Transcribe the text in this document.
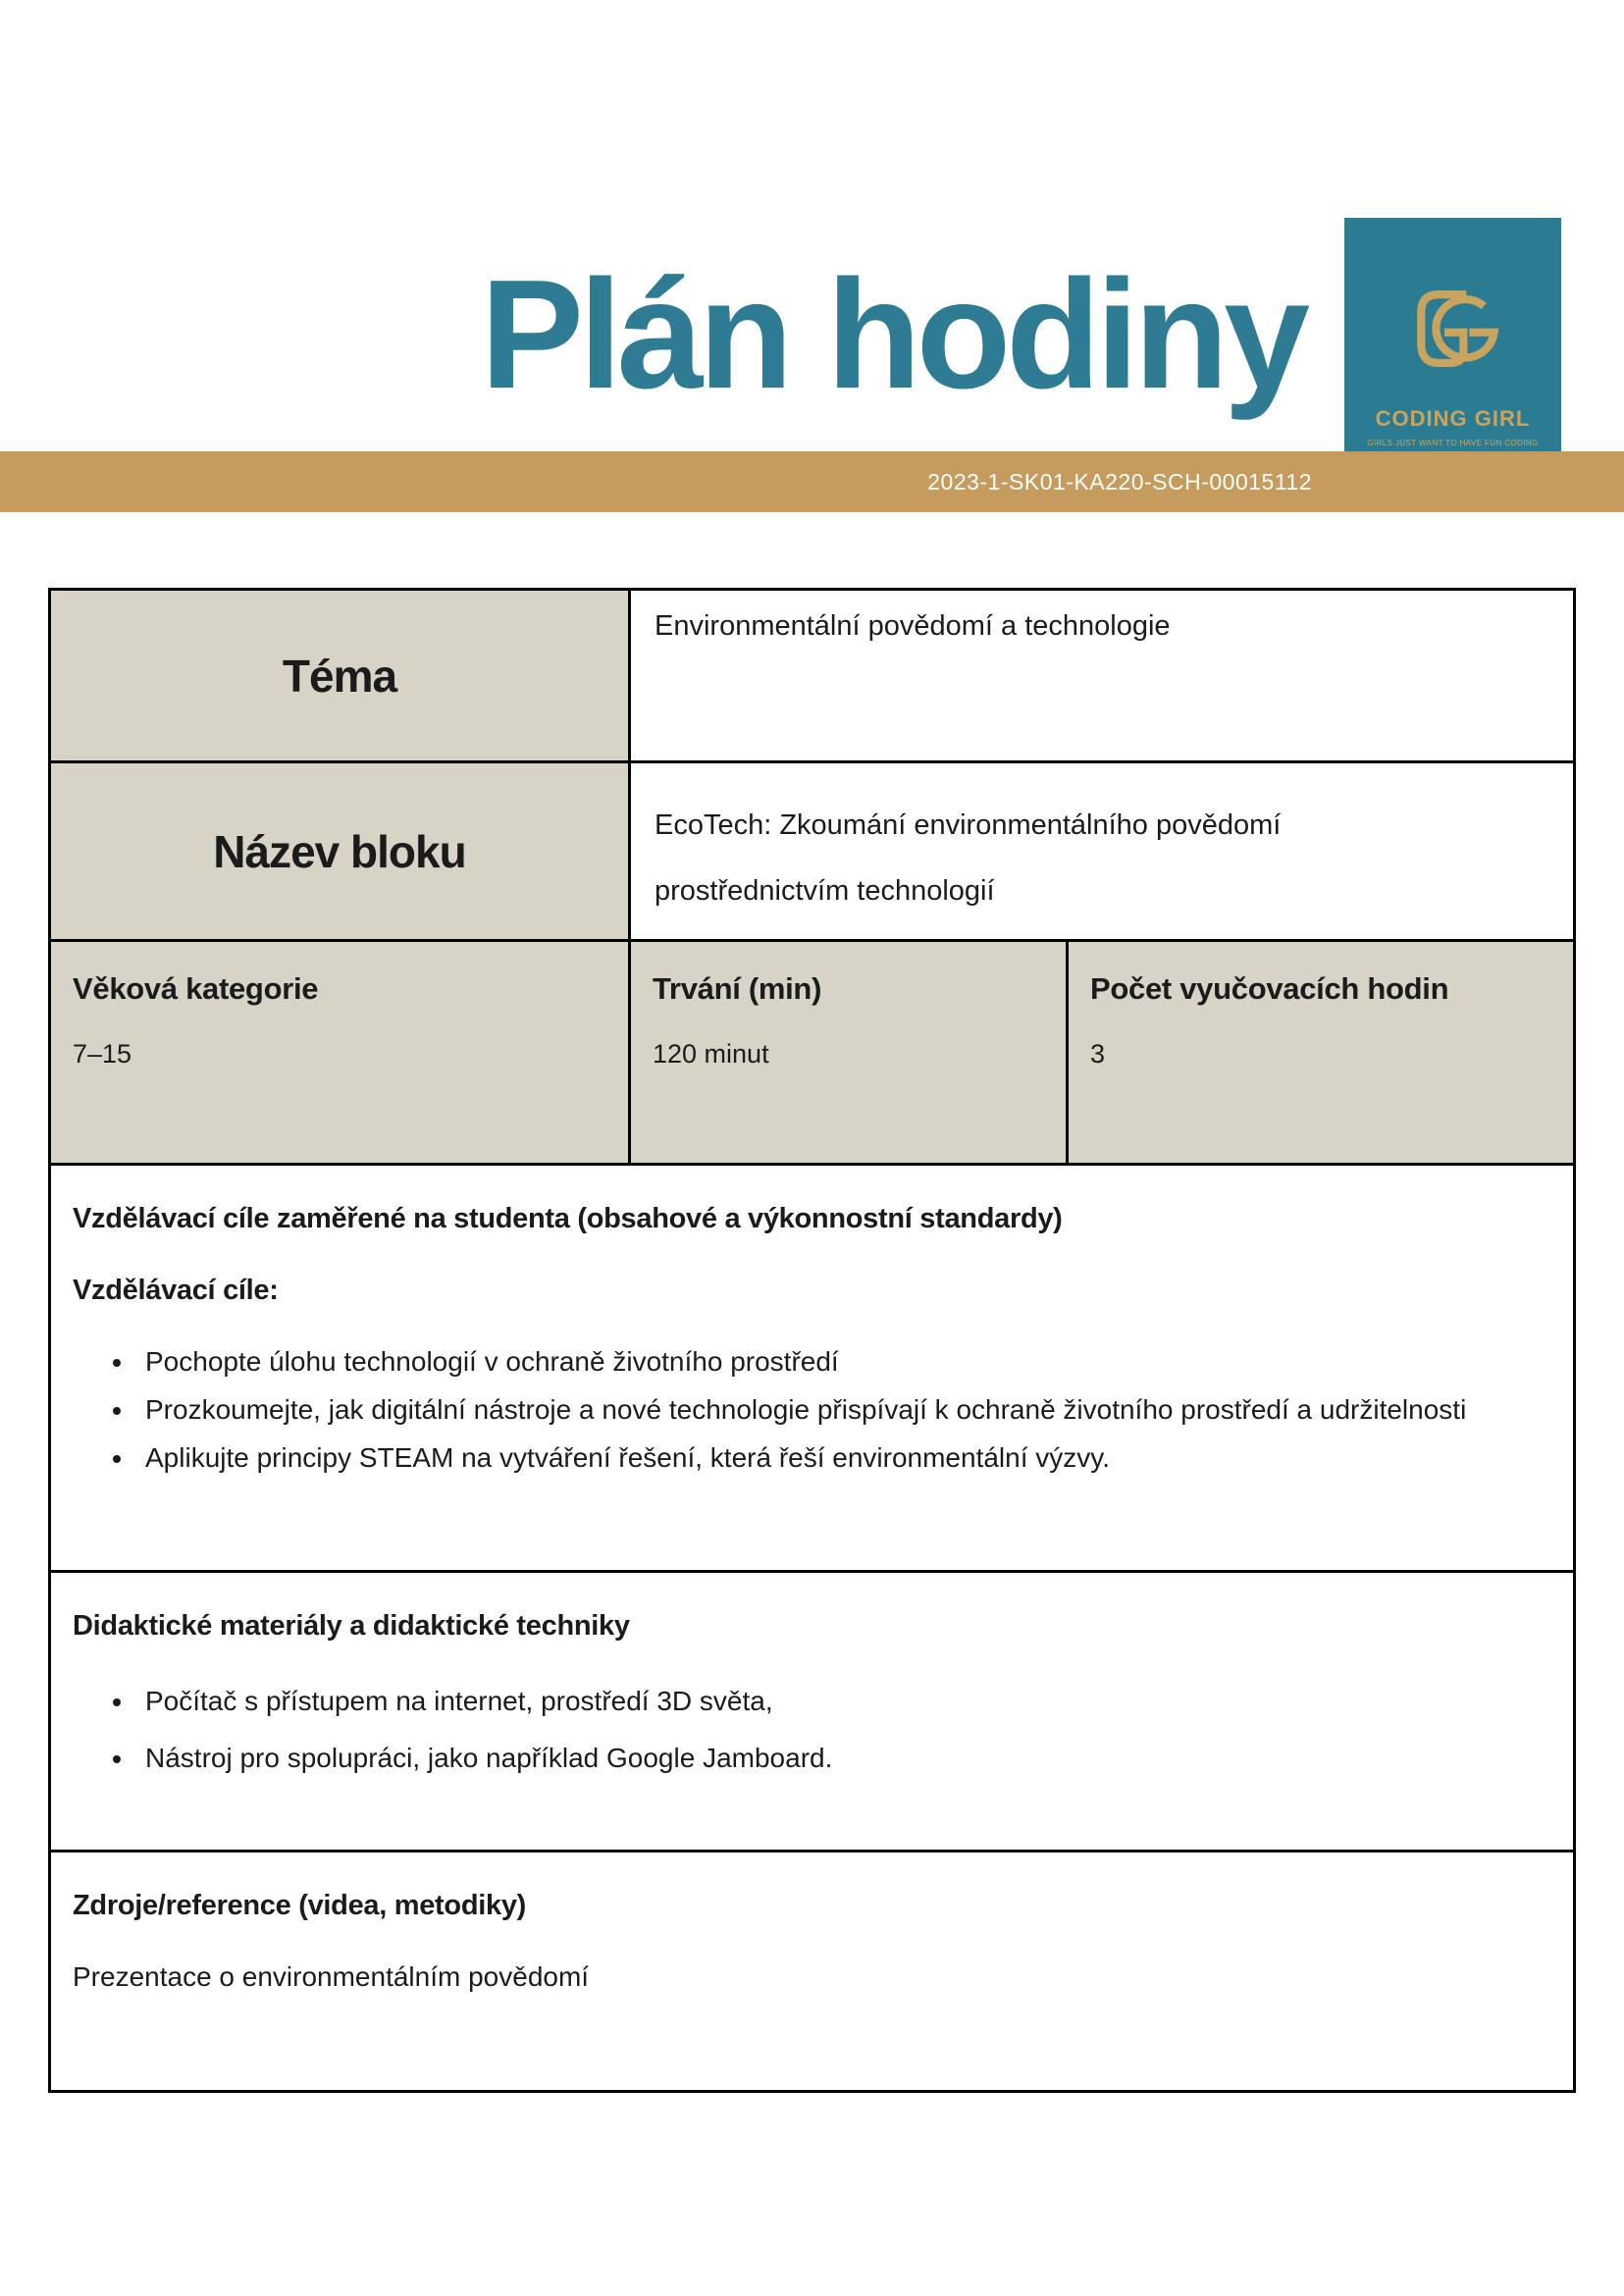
Plán hodiny	CODING GIRL
GIRLS JUST WANT TO HAVE FUN CODING
2023-1-SK01-KA220-SCH-00015112
Téma
Environmentální povědomí a technologie
Název bloku
EcoTech: Zkoumání environmentálního povědomí prostřednictvím technologií
Věková kategorie
7–15
Trvání (min)
120 minut
Počet vyučovacích hodin
3
Vzdělávací cíle zaměřené na studenta (obsahové a výkonnostní standardy)
Vzdělávací cíle:
• Pochopte úlohu technologií v ochraně životního prostředí
• Prozkoumejte, jak digitální nástroje a nové technologie přispívají k ochraně životního prostředí a udržitelnosti
• Aplikujte principy STEAM na vytváření řešení, která řeší environmentální výzvy.
Didaktické materiály a didaktické techniky
• Počítač s přístupem na internet, prostředí 3D světa,
• Nástroj pro spolupráci, jako například Google Jamboard.
Zdroje/reference (videa, metodiky)
Prezentace o environmentálním povědomí
